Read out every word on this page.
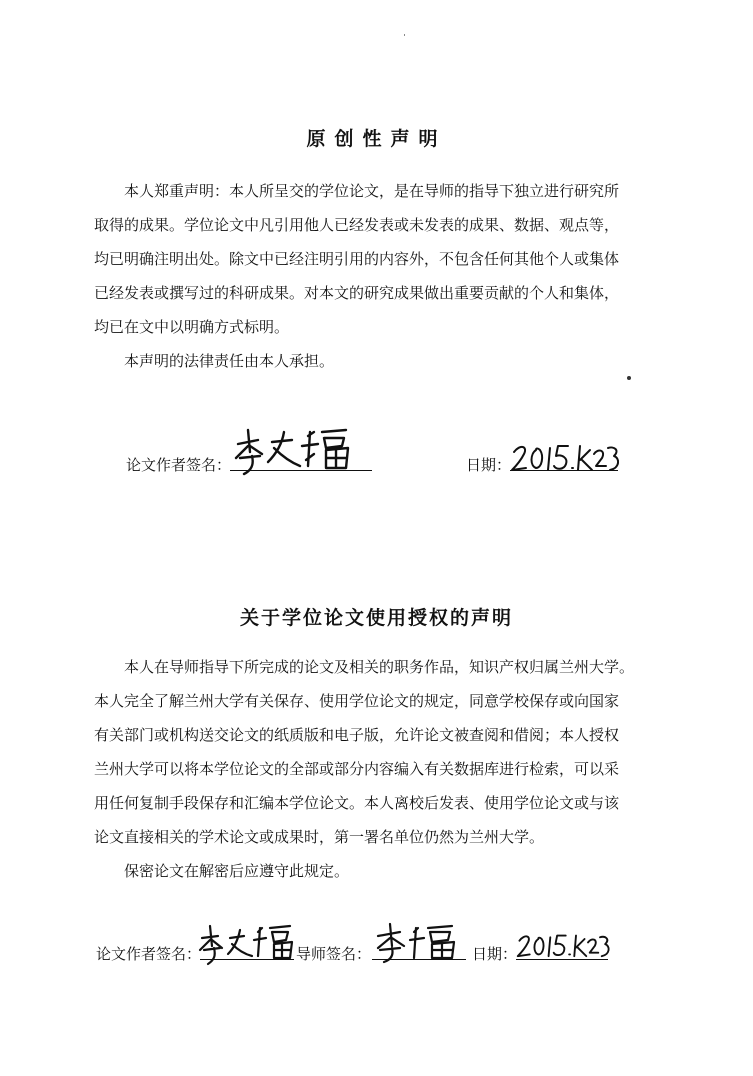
原创性声明

本人郑重声明：本人所呈交的学位论文，是在导师的指导下独立进行研究所
取得的成果。学位论文中凡引用他人已经发表或未发表的成果、数据、观点等，
均已明确注明出处。除文中已经注明引用的内容外，不包含任何其他个人或集体
已经发表或撰写过的科研成果。对本文的研究成果做出重要贡献的个人和集体，
均已在文中以明确方式标明。

本声明的法律责任由本人承担。

论文作者签名：	日期：
关于学位论文使用授权的声明

本人在导师指导下所完成的论文及相关的职务作品，知识产权归属兰州大学。
本人完全了解兰州大学有关保存、使用学位论文的规定，同意学校保存或向国家
有关部门或机构送交论文的纸质版和电子版，允许论文被查阅和借阅；本人授权
兰州大学可以将本学位论文的全部或部分内容编入有关数据库进行检索，可以采
用任何复制手段保存和汇编本学位论文。本人离校后发表、使用学位论文或与该
论文直接相关的学术论文或成果时，第一署名单位仍然为兰州大学。

保密论文在解密后应遵守此规定。

论文作者签名：	导师签名：	日期：
